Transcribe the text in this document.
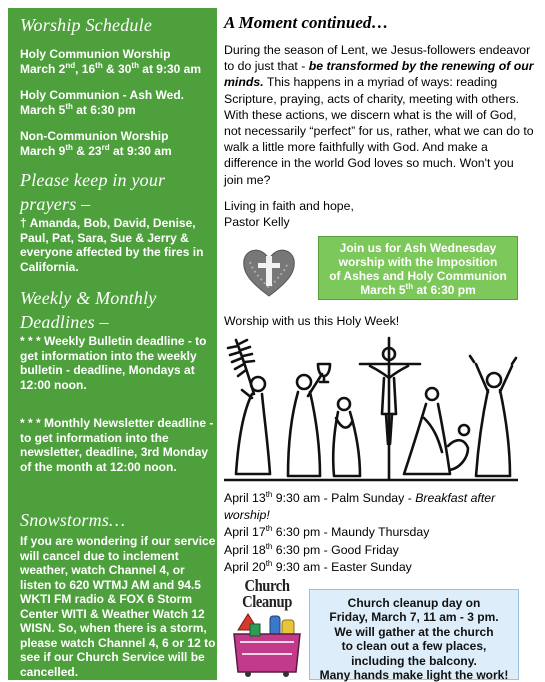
Worship Schedule
Holy Communion Worship
March 2nd, 16th & 30th at 9:30 am
Holy Communion - Ash Wed.
March 5th at 6:30 pm
Non-Communion Worship
March 9th & 23rd at 9:30 am
Please keep in your
prayers –
† Amanda, Bob, David, Denise, Paul, Pat, Sara, Sue & Jerry & everyone affected by the fires in California.
Weekly & Monthly
Deadlines –
* * * Weekly Bulletin deadline - to get information into the weekly bulletin - deadline, Mondays at 12:00 noon.
* * * Monthly Newsletter deadline - to get information into the newsletter, deadline, 3rd Monday of the month at 12:00 noon.
Snowstorms…
If you are wondering if our service will cancel due to inclement weather, watch Channel 4, or listen to 620 WTMJ AM and 94.5 WKTI FM radio & FOX 6 Storm Center WITI & Weather Watch 12 WISN. So, when there is a storm, please watch Channel 4, 6 or 12 to see if our Church Service will be cancelled.
A Moment continued…

During the season of Lent, we Jesus-followers endeavor to do just that - be transformed by the renewing of our minds. This happens in a myriad of ways: reading Scripture, praying, acts of charity, meeting with others. With these actions, we discern what is the will of God, not necessarily “perfect” for us, rather, what we can do to walk a little more faithfully with God. And make a difference in the world God loves so much. Won't you join me?

Living in faith and hope,
Pastor Kelly

Join us for Ash Wednesday
worship with the Imposition
of Ashes and Holy Communion
March 5th at 6:30 pm
Worship with us this Holy Week!
April 13th 9:30 am - Palm Sunday - Breakfast after worship!
April 17th 6:30 pm - Maundy Thursday
April 18th 6:30 pm - Good Friday
April 20th 9:30 am - Easter Sunday
Church
Cleanup	Church cleanup day on
Friday, March 7, 11 am - 3 pm.
We will gather at the church
to clean out a few places,
including the balcony.
Many hands make light the work!
